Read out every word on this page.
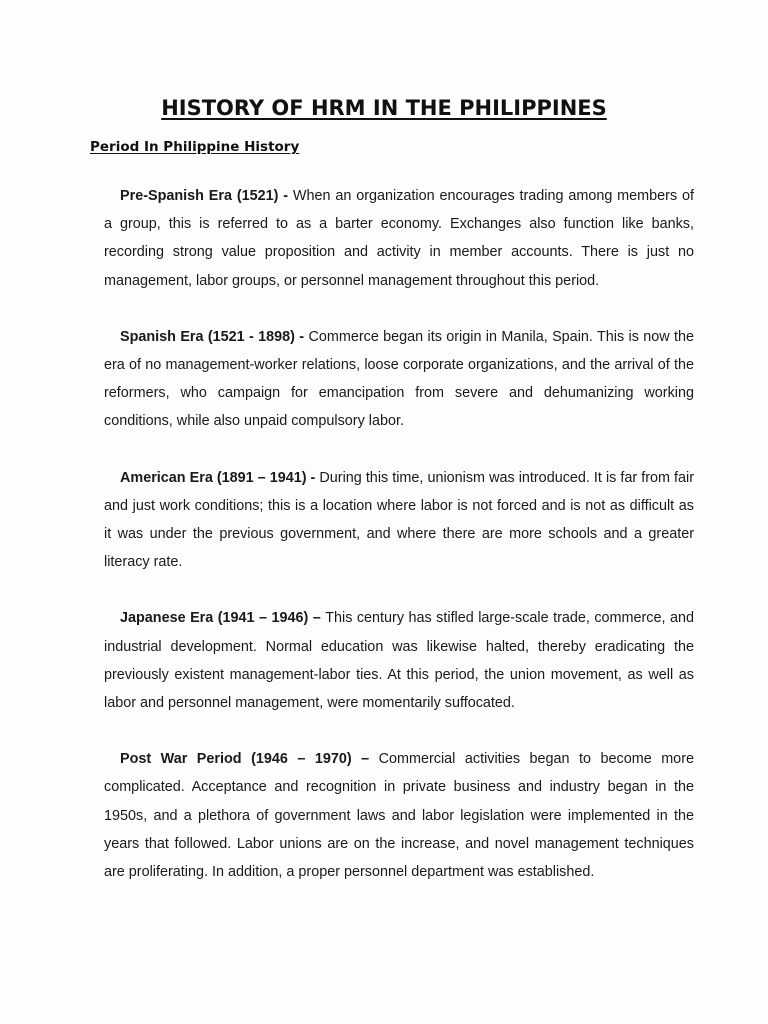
HISTORY OF HRM IN THE PHILIPPINES
Period In Philippine History

Pre-Spanish Era (1521) - When an organization encourages trading among members of a group, this is referred to as a barter economy. Exchanges also function like banks, recording strong value proposition and activity in member accounts. There is just no management, labor groups, or personnel management throughout this period.

Spanish Era (1521 - 1898) - Commerce began its origin in Manila, Spain. This is now the era of no management-worker relations, loose corporate organizations, and the arrival of the reformers, who campaign for emancipation from severe and dehumanizing working conditions, while also unpaid compulsory labor.

American Era (1891 – 1941) - During this time, unionism was introduced. It is far from fair and just work conditions; this is a location where labor is not forced and is not as difficult as it was under the previous government, and where there are more schools and a greater literacy rate.

Japanese Era (1941 – 1946) – This century has stifled large-scale trade, commerce, and industrial development. Normal education was likewise halted, thereby eradicating the previously existent management-labor ties. At this period, the union movement, as well as labor and personnel management, were momentarily suffocated.

Post War Period (1946 – 1970) – Commercial activities began to become more complicated. Acceptance and recognition in private business and industry began in the 1950s, and a plethora of government laws and labor legislation were implemented in the years that followed. Labor unions are on the increase, and novel management techniques are proliferating. In addition, a proper personnel department was established.
